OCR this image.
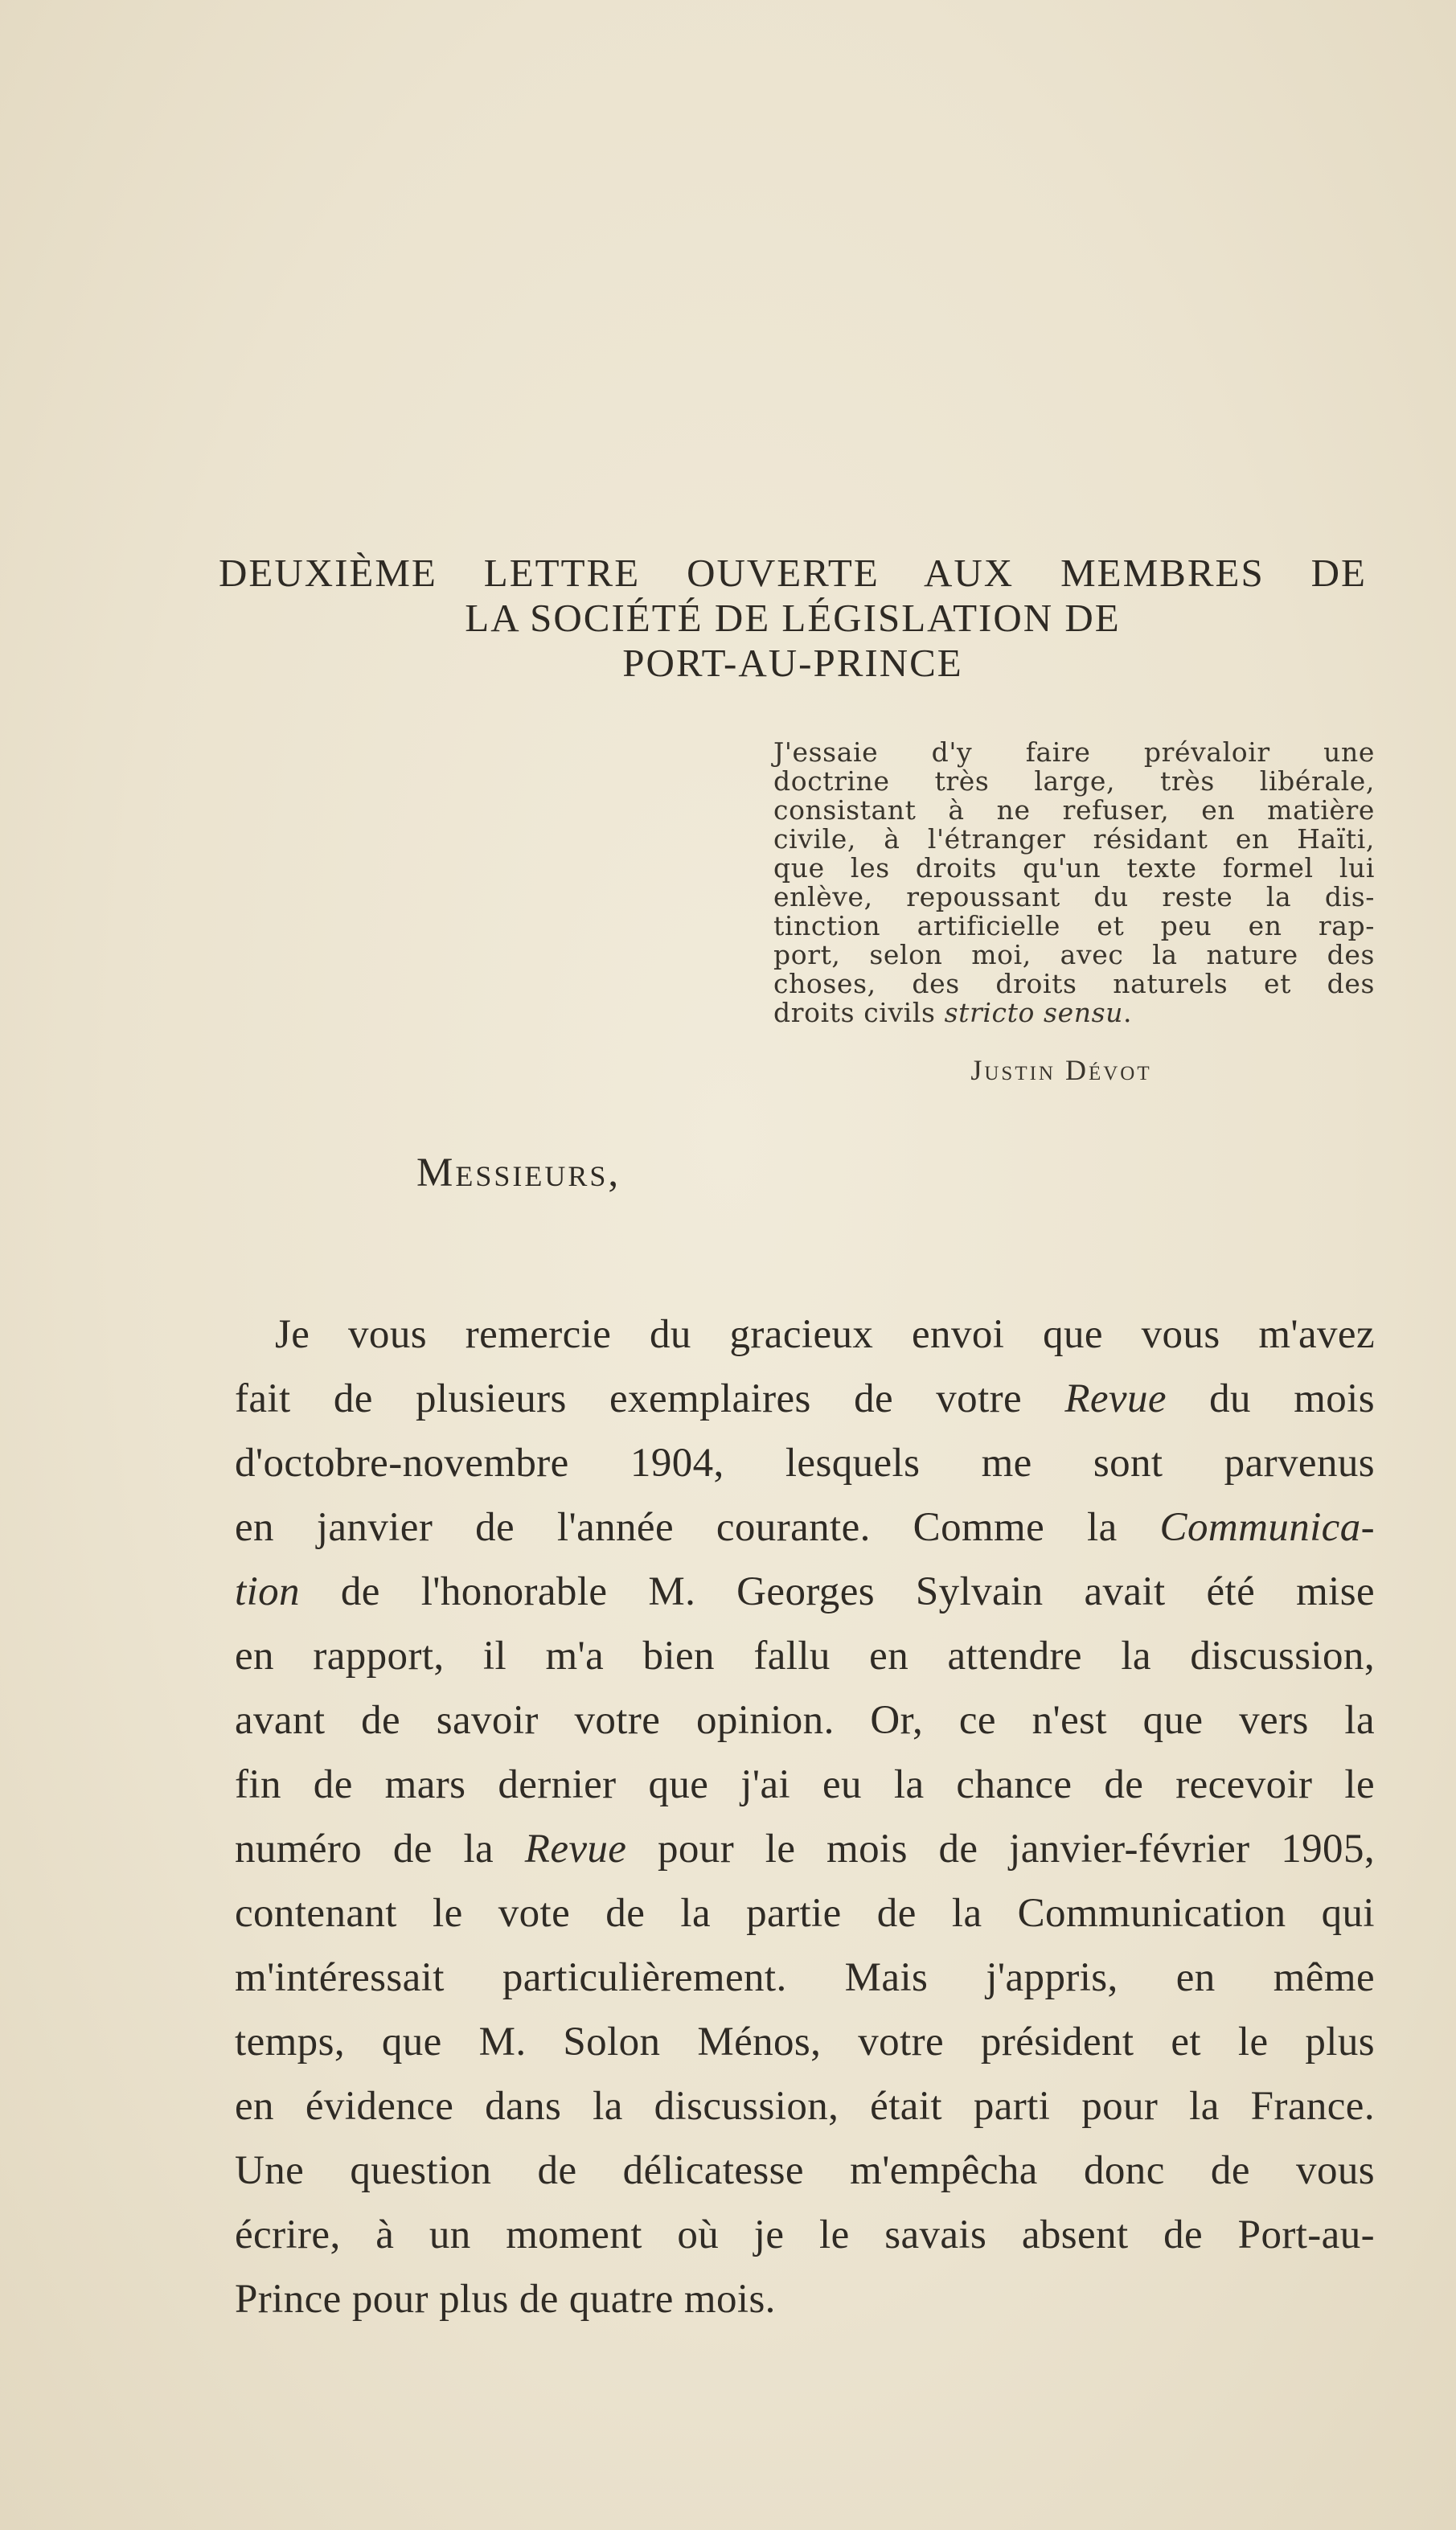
DEUXIÈME LETTRE OUVERTE AUX MEMBRES DE
LA SOCIÉTÉ DE LÉGISLATION DE
PORT-AU-PRINCE
J'essaie d'y faire prévaloir une
doctrine très large, très libérale,
consistant à ne refuser, en matière
civile, à l'étranger résidant en Haïti,
que les droits qu'un texte formel lui
enlève, repoussant du reste la dis-
tinction artificielle et peu en rap-
port, selon moi, avec la nature des
choses, des droits naturels et des
droits civils stricto sensu.
Justin Dévot
Messieurs,
Je vous remercie du gracieux envoi que vous m'avez
fait de plusieurs exemplaires de votre Revue du mois
d'octobre-novembre 1904, lesquels me sont parvenus
en janvier de l'année courante. Comme la Communica-
tion de l'honorable M. Georges Sylvain avait été mise
en rapport, il m'a bien fallu en attendre la discussion,
avant de savoir votre opinion. Or, ce n'est que vers la
fin de mars dernier que j'ai eu la chance de recevoir le
numéro de la Revue pour le mois de janvier-février 1905,
contenant le vote de la partie de la Communication qui
m'intéressait particulièrement. Mais j'appris, en même
temps, que M. Solon Ménos, votre président et le plus
en évidence dans la discussion, était parti pour la France.
Une question de délicatesse m'empêcha donc de vous
écrire, à un moment où je le savais absent de Port-au-
Prince pour plus de quatre mois.
